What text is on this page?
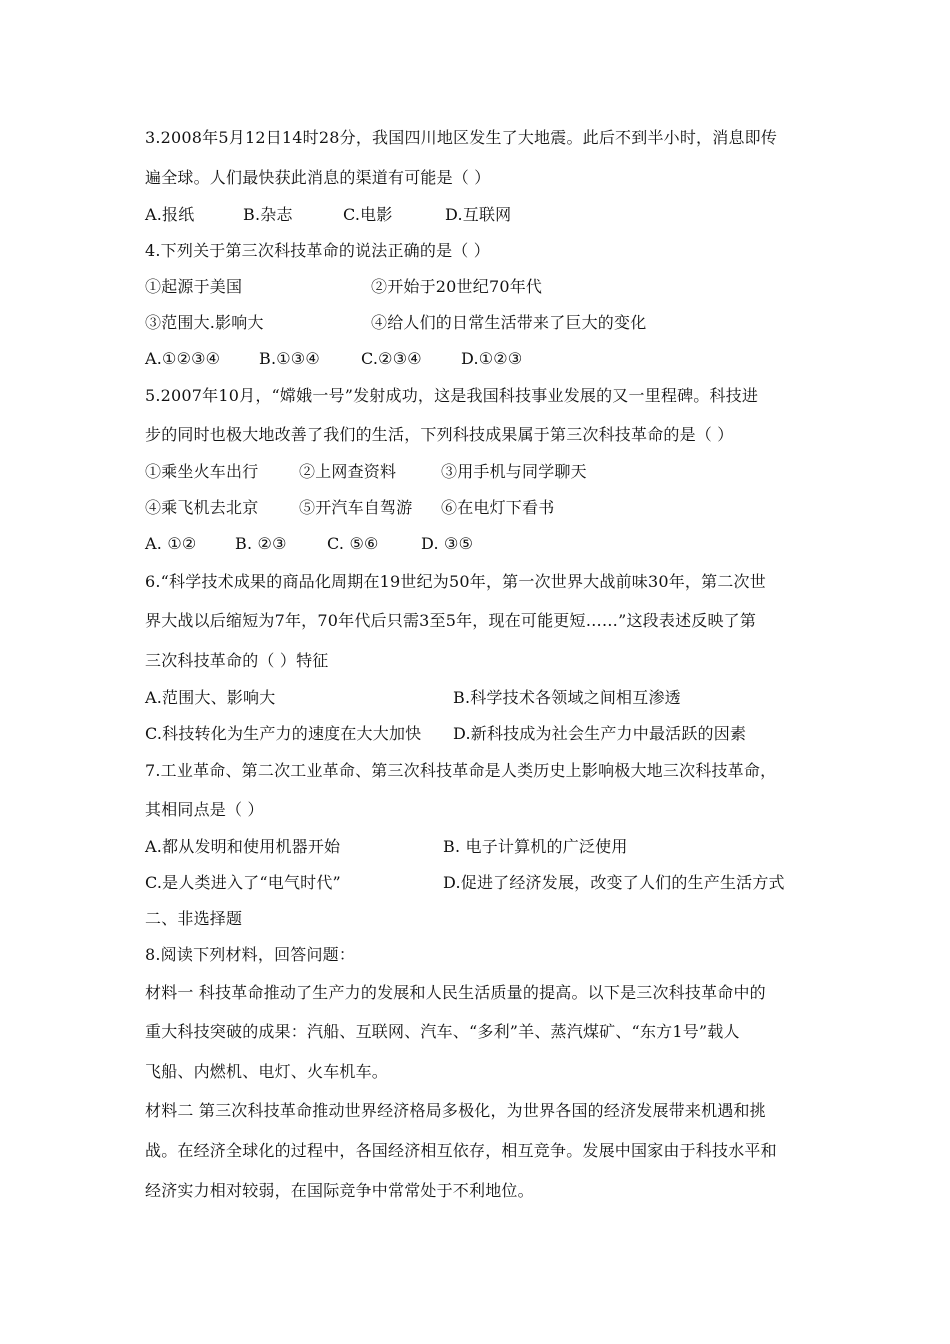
3.2008年5月12日14时28分，我国四川地区发生了大地震。此后不到半小时，消息即传
遍全球。人们最快获此消息的渠道有可能是（ ）
A.报纸	B.杂志	C.电影	D.互联网
4.下列关于第三次科技革命的说法正确的是（ ）
①起源于美国	②开始于20世纪70年代
③范围大.影响大	④给人们的日常生活带来了巨大的变化
A.①②③④ B.①③④	C.②③④ D.①②③
5.2007年10月，“嫦娥一号”发射成功，这是我国科技事业发展的又一里程碑。科技进
步的同时也极大地改善了我们的生活，下列科技成果属于第三次科技革命的是（ ）
①乘坐火车出行	②上网查资料	③用手机与同学聊天
④乘飞机去北京	⑤开汽车自驾游 ⑥在电灯下看书
A. ①② B. ②③	C. ⑤⑥	D. ③⑤
6.“科学技术成果的商品化周期在19世纪为50年，第一次世界大战前味30年，第二次世
界大战以后缩短为7年，70年代后只需3至5年，现在可能更短……”这段表述反映了第
三次科技革命的（ ）特征
A.范围大、影响大	B.科学技术各领域之间相互渗透
C.科技转化为生产力的速度在大大加快 D.新科技成为社会生产力中最活跃的因素
7.工业革命、第二次工业革命、第三次科技革命是人类历史上影响极大地三次科技革命，
其相同点是（ ）
A.都从发明和使用机器开始	B. 电子计算机的广泛使用
C.是人类进入了“电气时代”	D.促进了经济发展，改变了人们的生产生活方式
二、非选择题
8.阅读下列材料，回答问题：
材料一 科技革命推动了生产力的发展和人民生活质量的提高。以下是三次科技革命中的
重大科技突破的成果：汽船、互联网、汽车、“多利”羊、蒸汽煤矿、“东方1号”载人
飞船、内燃机、电灯、火车机车。
材料二 第三次科技革命推动世界经济格局多极化，为世界各国的经济发展带来机遇和挑
战。在经济全球化的过程中，各国经济相互依存，相互竞争。发展中国家由于科技水平和
经济实力相对较弱，在国际竞争中常常处于不利地位。
